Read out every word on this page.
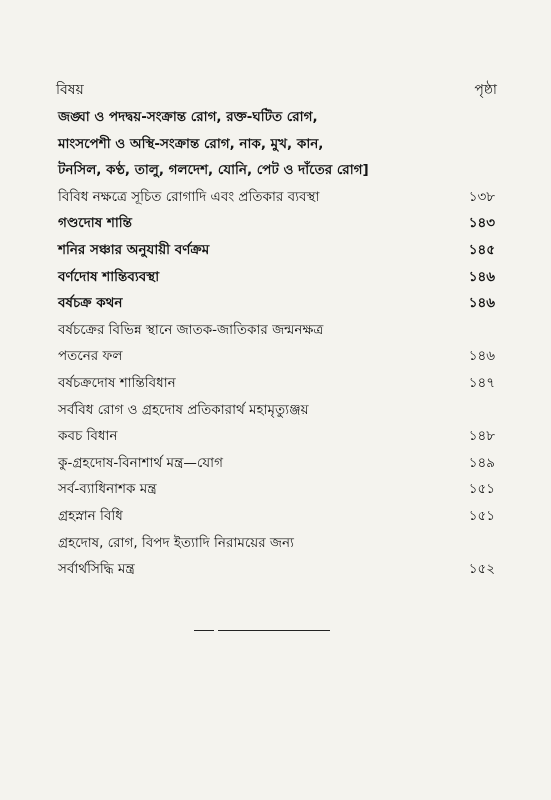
বিষয়	পৃষ্ঠা
জঙ্ঘা ও পদদ্বয়-সংক্রান্ত রোগ, রক্ত-ঘটিত রোগ,
মাংসপেশী ও অস্থি-সংক্রান্ত রোগ, নাক, মুখ, কান,
টনসিল, কণ্ঠ, তালু, গলদেশ, যোনি, পেট ও দাঁতের রোগ]
বিবিধ নক্ষত্রে সূচিত রোগাদি এবং প্রতিকার ব্যবস্থা	১৩৮
গণ্ডদোষ শান্তি	১৪৩
শনির সঞ্চার অনুযায়ী বর্ণক্রম	১৪৫
বর্ণদোষ শান্তিব্যবস্থা	১৪৬
বর্ষচক্র কথন	১৪৬
বর্ষচক্রের বিভিন্ন স্থানে জাতক-জাতিকার জন্মনক্ষত্র
পতনের ফল	১৪৬
বর্ষচক্রদোষ শান্তিবিধান	১৪৭
সর্ববিধ রোগ ও গ্রহদোষ প্রতিকারার্থ মহামৃত্যুঞ্জয়
কবচ বিধান	১৪৮
কু-গ্রহদোষ-বিনাশার্থ মন্ত্র—যোগ	১৪৯
সর্ব-ব্যাধিনাশক মন্ত্র	১৫১
গ্রহস্নান বিধি	১৫১
গ্রহদোষ, রোগ, বিপদ ইত্যাদি নিরাময়ের জন্য
সর্বার্থসিদ্ধি মন্ত্র	১৫২
